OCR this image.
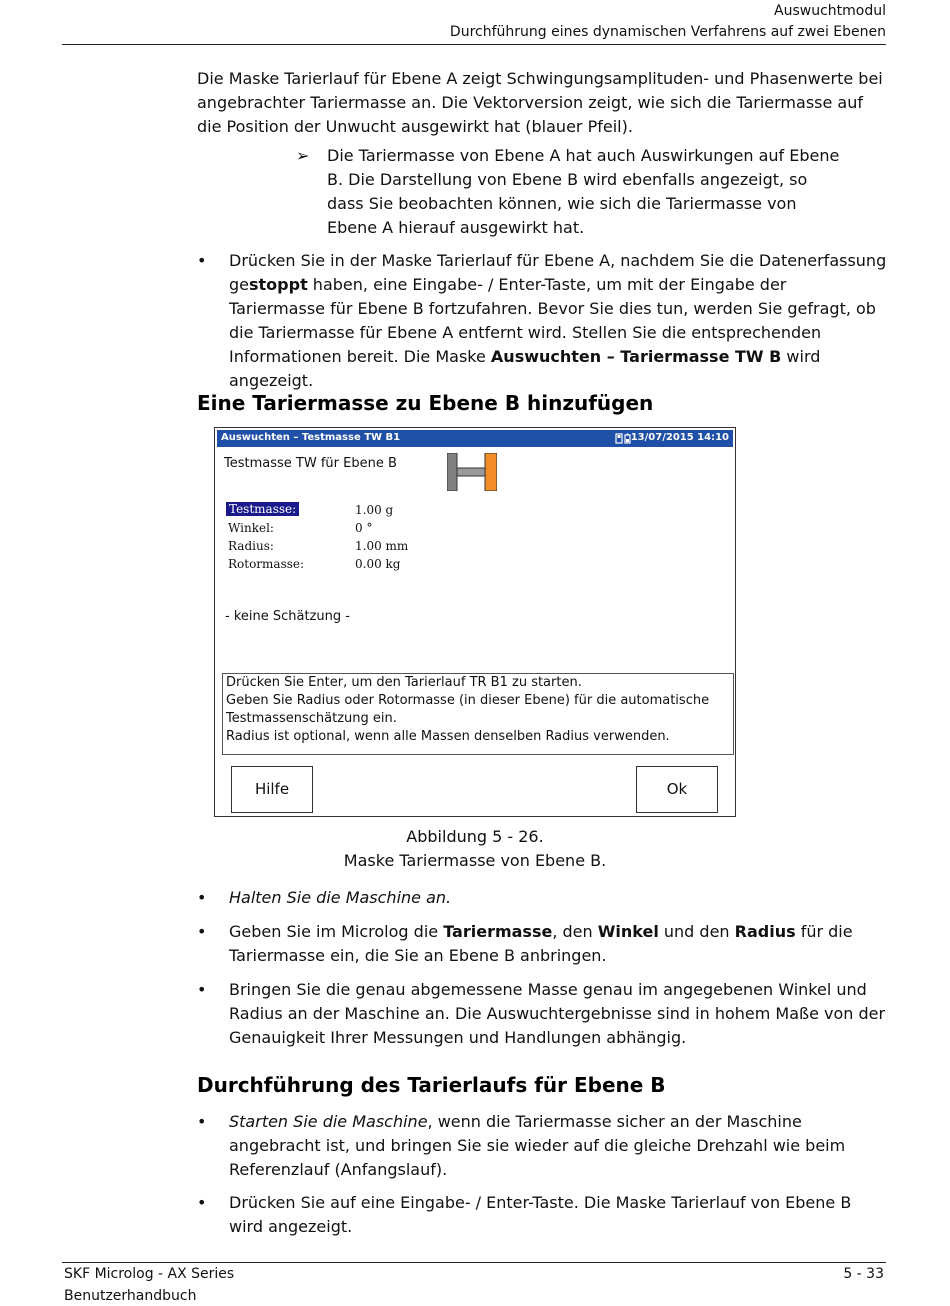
Auswuchtmodul
Durchführung eines dynamischen Verfahrens auf zwei Ebenen

Die Maske Tarierlauf für Ebene A zeigt Schwingungsamplituden- und Phasenwerte bei angebrachter Tariermasse an. Die Vektorversion zeigt, wie sich die Tariermasse auf die Position der Unwucht ausgewirkt hat (blauer Pfeil).

➢ Die Tariermasse von Ebene A hat auch Auswirkungen auf Ebene B. Die Darstellung von Ebene B wird ebenfalls angezeigt, so dass Sie beobachten können, wie sich die Tariermasse von Ebene A hierauf ausgewirkt hat.
• Drücken Sie in der Maske Tarierlauf für Ebene A, nachdem Sie die Datenerfassung gestoppt haben, eine Eingabe- / Enter-Taste, um mit der Eingabe der Tariermasse für Ebene B fortzufahren. Bevor Sie dies tun, werden Sie gefragt, ob die Tariermasse für Ebene A entfernt wird. Stellen Sie die entsprechenden Informationen bereit. Die Maske Auswuchten – Tariermasse TW B wird angezeigt.
Eine Tariermasse zu Ebene B hinzufügen
Auswuchten – Testmasse TW B1	13/07/2015 14:10
Testmasse TW für Ebene B
Testmasse:	1.00 g
Winkel:	0 °
Radius:	1.00 mm
Rotormasse:	0.00 kg
- keine Schätzung -
Drücken Sie Enter, um den Tarierlauf TR B1 zu starten.
Geben Sie Radius oder Rotormasse (in dieser Ebene) für die automatische
Testmassenschätzung ein.
Radius ist optional, wenn alle Massen denselben Radius verwenden.
Hilfe	Ok
Abbildung 5 - 26.
Maske Tariermasse von Ebene B.
• Halten Sie die Maschine an.
• Geben Sie im Microlog die Tariermasse, den Winkel und den Radius für die Tariermasse ein, die Sie an Ebene B anbringen.
• Bringen Sie die genau abgemessene Masse genau im angegebenen Winkel und Radius an der Maschine an. Die Auswuchtergebnisse sind in hohem Maße von der Genauigkeit Ihrer Messungen und Handlungen abhängig.
Durchführung des Tarierlaufs für Ebene B
• Starten Sie die Maschine, wenn die Tariermasse sicher an der Maschine angebracht ist, und bringen Sie sie wieder auf die gleiche Drehzahl wie beim Referenzlauf (Anfangslauf).
• Drücken Sie auf eine Eingabe- / Enter-Taste. Die Maske Tarierlauf von Ebene B wird angezeigt.
SKF Microlog - AX Series
Benutzerhandbuch
5 - 33
